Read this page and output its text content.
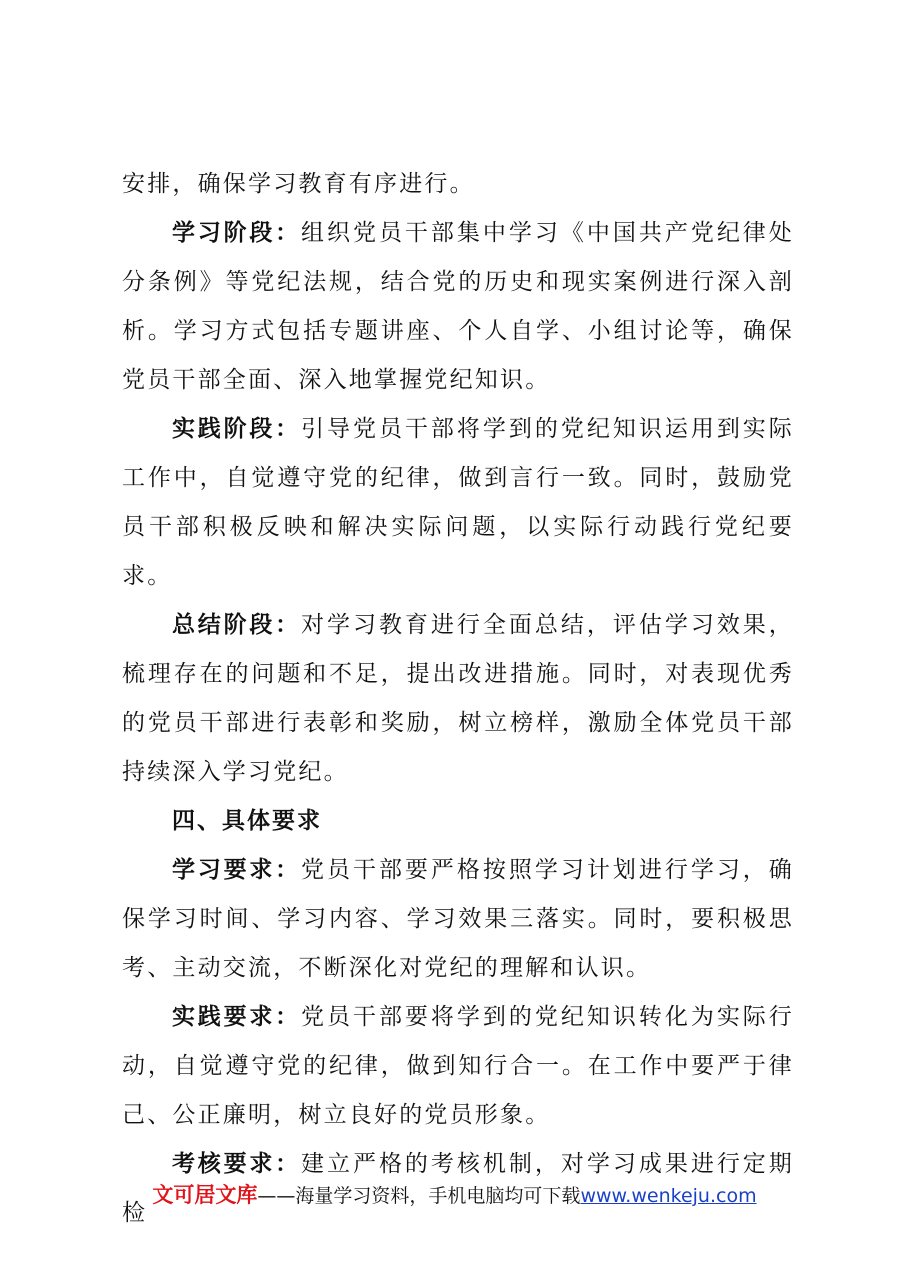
安排，确保学习教育有序进行。

学习阶段：组织党员干部集中学习《中国共产党纪律处分条例》等党纪法规，结合党的历史和现实案例进行深入剖析。学习方式包括专题讲座、个人自学、小组讨论等，确保党员干部全面、深入地掌握党纪知识。

实践阶段：引导党员干部将学到的党纪知识运用到实际工作中，自觉遵守党的纪律，做到言行一致。同时，鼓励党员干部积极反映和解决实际问题，以实际行动践行党纪要求。

总结阶段：对学习教育进行全面总结，评估学习效果，梳理存在的问题和不足，提出改进措施。同时，对表现优秀的党员干部进行表彰和奖励，树立榜样，激励全体党员干部持续深入学习党纪。

四、具体要求

学习要求：党员干部要严格按照学习计划进行学习，确保学习时间、学习内容、学习效果三落实。同时，要积极思考、主动交流，不断深化对党纪的理解和认识。

实践要求：党员干部要将学到的党纪知识转化为实际行动，自觉遵守党的纪律，做到知行合一。在工作中要严于律己、公正廉明，树立良好的党员形象。

考核要求：建立严格的考核机制，对学习成果进行定期检

文可居文库——海量学习资料，手机电脑均可下载www.wenkeju.com
